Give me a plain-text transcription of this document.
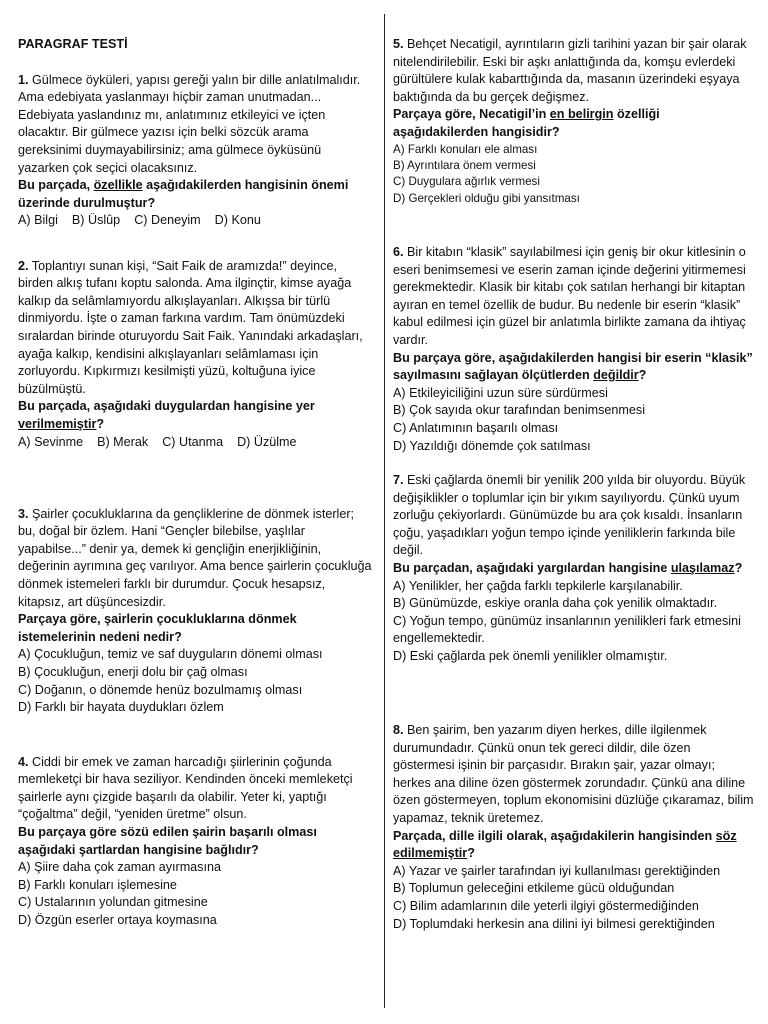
PARAGRAF TESTİ

1. Gülmece öyküleri, yapısı gereği yalın bir dille anlatılmalıdır. Ama edebiyata yaslanmayı hiçbir zaman unutmadan... Edebiyata yaslandınız mı, anlatımınız etkileyici ve içten olacaktır. Bir gülmece yazısı için belki sözcük arama gereksinimi duymayabilirsiniz; ama gülmece öyküsünü yazarken çok seçici olacaksınız.

Bu parçada, özellikle aşağıdakilerden hangisinin önemi üzerinde durulmuştur?

A) Bilgi B) Üslûp C) Deneyim D) Konu

2. Toplantıyı sunan kişi, “Sait Faik de aramızda!” deyince, birden alkış tufanı koptu salonda. Ama ilginçtir, kimse ayağa kalkıp da selâmlamıyordu alkışlayanları. Alkışsa bir türlü dinmiyordu. İşte o zaman farkına vardım. Tam önümüzdeki sıralardan birinde oturuyordu Sait Faik. Yanındaki arkadaşları, ayağa kalkıp, kendisini alkışlayanları selâmlaması için zorluyordu. Kıpkırmızı kesilmişti yüzü, koltuğuna iyice büzülmüştü.

Bu parçada, aşağıdaki duygulardan hangisine yer verilmemiştir?

A) Sevinme B) Merak C) Utanma D) Üzülme

3. Şairler çocukluklarına da gençliklerine de dönmek isterler; bu, doğal bir özlem. Hani “Gençler bilebilse, yaşlılar yapabilse...” denir ya, demek ki gençliğin enerjikliğinin, değerinin ayrımına geç varılıyor. Ama bence şairlerin çocukluğa dönmek istemeleri farklı bir durumdur. Çocuk hesapsız, kitapsız, art düşüncesizdir.

Parçaya göre, şairlerin çocukluklarına dönmek istemelerinin nedeni nedir?

A) Çocukluğun, temiz ve saf duyguların dönemi olması
B) Çocukluğun, enerji dolu bir çağ olması
C) Doğanın, o dönemde henüz bozulmamış olması
D) Farklı bir hayata duydukları özlem

4. Ciddi bir emek ve zaman harcadığı şiirlerinin çoğunda memleketçi bir hava seziliyor. Kendinden önceki memleketçi şairlerle aynı çizgide başarılı da olabilir. Yeter ki, yaptığı “çoğaltma” değil, “yeniden üretme” olsun.

Bu parçaya göre sözü edilen şairin başarılı olması aşağıdaki şartlardan hangisine bağlıdır?

A) Şiire daha çok zaman ayırmasına
B) Farklı konuları işlemesine
C) Ustalarının yolundan gitmesine
D) Özgün eserler ortaya koymasına

5. Behçet Necatigil, ayrıntıların gizli tarihini yazan bir şair olarak nitelendirilebilir. Eski bir aşkı anlattığında da, komşu evlerdeki gürültülere kulak kabarttığında da, masanın üzerindeki eşyaya baktığında da bu gerçek değişmez.

Parçaya göre, Necatigil’in en belirgin özelliği aşağıdakilerden hangisidir?

A) Farklı konuları ele alması
B) Ayrıntılara önem vermesi
C) Duygulara ağırlık vermesi
D) Gerçekleri olduğu gibi yansıtması

6. Bir kitabın “klasik” sayılabilmesi için geniş bir okur kitlesinin o eseri benimsemesi ve eserin zaman içinde değerini yitirmemesi gerekmektedir. Klasik bir kitabı çok satılan herhangi bir kitaptan ayıran en temel özellik de budur. Bu nedenle bir eserin “klasik” kabul edilmesi için güzel bir anlatımla birlikte zamana da ihtiyaç vardır.

Bu parçaya göre, aşağıdakilerden hangisi bir eserin “klasik” sayılmasını sağlayan ölçütlerden değildir?

A) Etkileyiciliğini uzun süre sürdürmesi
B) Çok sayıda okur tarafından benimsenmesi
C) Anlatımının başarılı olması
D) Yazıldığı dönemde çok satılması

7. Eski çağlarda önemli bir yenilik 200 yılda bir oluyordu. Büyük değişiklikler o toplumlar için bir yıkım sayılıyordu. Çünkü uyum zorluğu çekiyorlardı. Günümüzde bu ara çok kısaldı. İnsanların çoğu, yaşadıkları yoğun tempo içinde yeniliklerin farkında bile değil.

Bu parçadan, aşağıdaki yargılardan hangisine ulaşılamaz?

A) Yenilikler, her çağda farklı tepkilerle karşılanabilir.
B) Günümüzde, eskiye oranla daha çok yenilik olmaktadır.
C) Yoğun tempo, günümüz insanlarının yenilikleri fark etmesini engellemektedir.
D) Eski çağlarda pek önemli yenilikler olmamıştır.

8. Ben şairim, ben yazarım diyen herkes, dille ilgilenmek durumundadır. Çünkü onun tek gereci dildir, dile özen göstermesi işinin bir parçasıdır. Bırakın şair, yazar olmayı; herkes ana diline özen göstermek zorundadır. Çünkü ana diline özen göstermeyen, toplum ekonomisini düzlüğe çıkaramaz, bilim yapamaz, teknik üretemez.

Parçada, dille ilgili olarak, aşağıdakilerin hangisinden söz edilmemiştir?

A) Yazar ve şairler tarafından iyi kullanılması gerektiğinden
B) Toplumun geleceğini etkileme gücü olduğundan
C) Bilim adamlarının dile yeterli ilgiyi göstermediğinden
D) Toplumdaki herkesin ana dilini iyi bilmesi gerektiğinden
